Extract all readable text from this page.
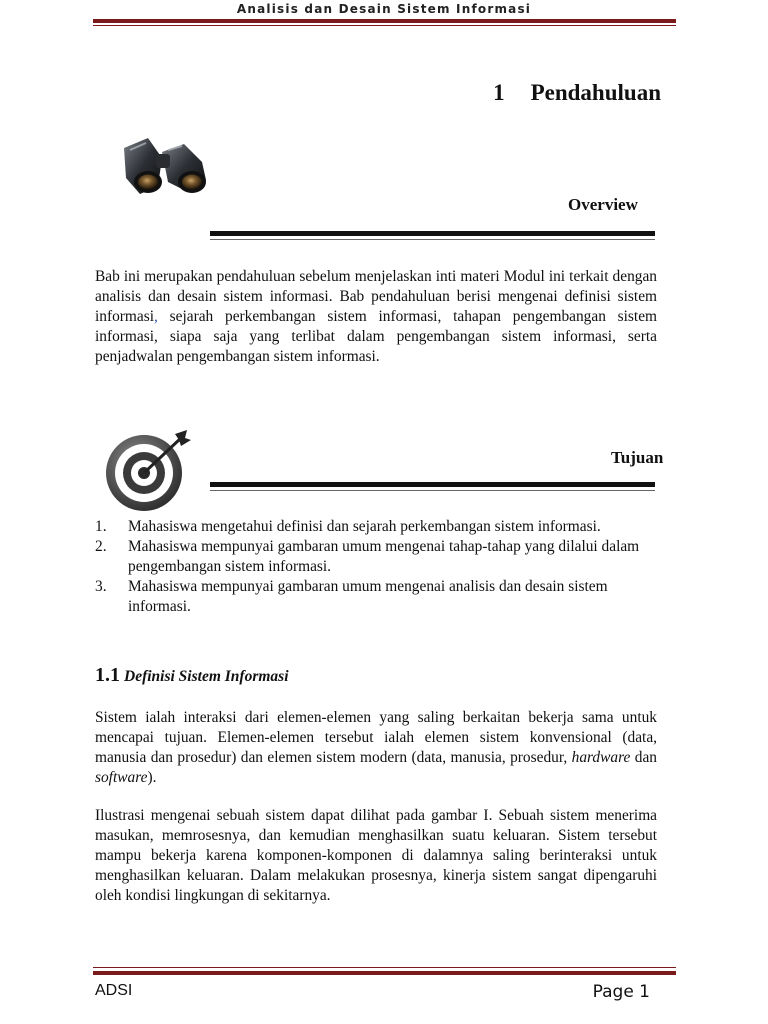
Analisis dan Desain Sistem Informasi
1 Pendahuluan
Overview
Bab ini merupakan pendahuluan sebelum menjelaskan inti materi Modul ini terkait dengan analisis dan desain sistem informasi. Bab pendahuluan berisi mengenai definisi sistem informasi, sejarah perkembangan sistem informasi, tahapan pengembangan sistem informasi, siapa saja yang terlibat dalam pengembangan sistem informasi, serta penjadwalan pengembangan sistem informasi.
Tujuan
1. Mahasiswa mengetahui definisi dan sejarah perkembangan sistem informasi.
2. Mahasiswa mempunyai gambaran umum mengenai tahap-tahap yang dilalui dalam pengembangan sistem informasi.
3. Mahasiswa mempunyai gambaran umum mengenai analisis dan desain sistem informasi.
1.1 Definisi Sistem Informasi
Sistem ialah interaksi dari elemen-elemen yang saling berkaitan bekerja sama untuk mencapai tujuan. Elemen-elemen tersebut ialah elemen sistem konvensional (data, manusia dan prosedur) dan elemen sistem modern (data, manusia, prosedur, hardware dan software).
Ilustrasi mengenai sebuah sistem dapat dilihat pada gambar I. Sebuah sistem menerima masukan, memrosesnya, dan kemudian menghasilkan suatu keluaran. Sistem tersebut mampu bekerja karena komponen-komponen di dalamnya saling berinteraksi untuk menghasilkan keluaran. Dalam melakukan prosesnya, kinerja sistem sangat dipengaruhi oleh kondisi lingkungan di sekitarnya.
ADSI	Page 1
